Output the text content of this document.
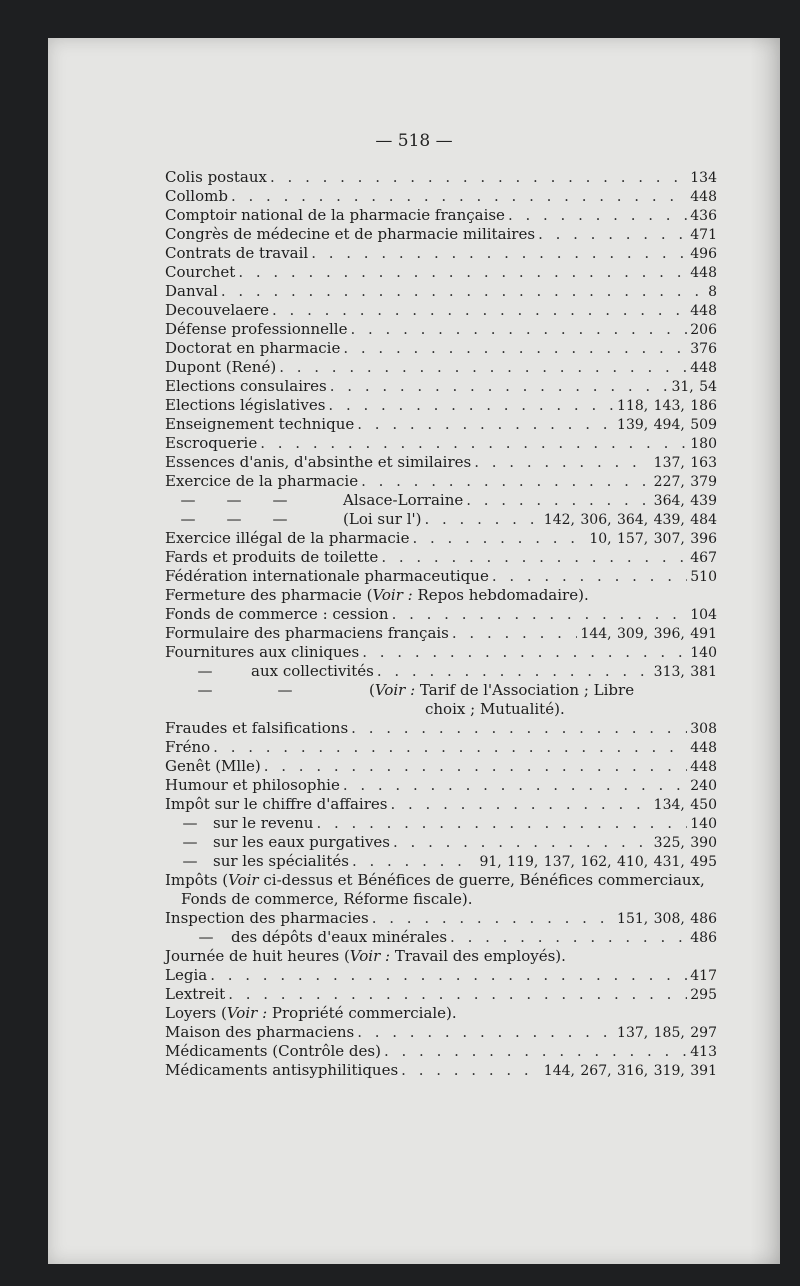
— 518 —
Colis postaux . . .	134
Collomb . . .	448
Comptoir national de la pharmacie française . . .	436
Congrès de médecine et de pharmacie militaires . . .	471
Contrats de travail . . .	496
Courchet . . .	448
Danval . . .	8
Decouvelaere . . .	448
Défense professionnelle . . .	206
Doctorat en pharmacie . . .	376
Dupont (René) . . .	448
Elections consulaires . . .	31, 54
Elections législatives . . .	118, 143, 186
Enseignement technique . . .	139, 494, 509
Escroquerie . . .	180
Essences d'anis, d'absinthe et similaires . . .	137, 163
Exercice de la pharmacie . . .	227, 379
—	—	—	Alsace-Lorraine . . .	364, 439
—	—	—	(Loi sur l') . . .	142, 306, 364, 439, 484
Exercice illégal de la pharmacie . . .	10, 157, 307, 396
Fards et produits de toilette . . .	467
Fédération internationale pharmaceutique . . .	510
Fermeture des pharmacie ( Voir :
Repos hebdomadaire).
Fonds de commerce : cession . . .	104
Formulaire des pharmaciens français . . .	144, 309, 396, 491
Fournitures aux cliniques . . .	140
—	aux collectivités . . .	313, 381
—	—	(Voir : Tarif de l'Association ; Libre
choix ; Mutualité).
Fraudes et falsifications . . .	308
Fréno . . .	448
Genêt (Mlle) . . .	448
Humour et philosophie . . .	240
Impôt sur le chiffre d'affaires . . .	134, 450
—	sur le revenu . . .	140
—	sur les eaux purgatives . . .	325, 390
—	sur les spécialités . . .	91, 119, 137, 162, 410, 431, 495
Impôts ( Voir
ci-dessus et Bénéfices de guerre, Bénéfices commerciaux,
Fonds de commerce, Réforme fiscale).
Inspection des pharmacies . . .	151, 308, 486
—	des dépôts d'eaux minérales . . .	486
Journée de huit heures ( Voir :
Travail des employés).
Legia . . .	417
Lextreit . . .	295
Loyers ( Voir :
Propriété commerciale).
Maison des pharmaciens . . .	137, 185, 297
Médicaments (Contrôle des) . . .	413
Médicaments antisyphilitiques . . .	144, 267, 316, 319, 391
